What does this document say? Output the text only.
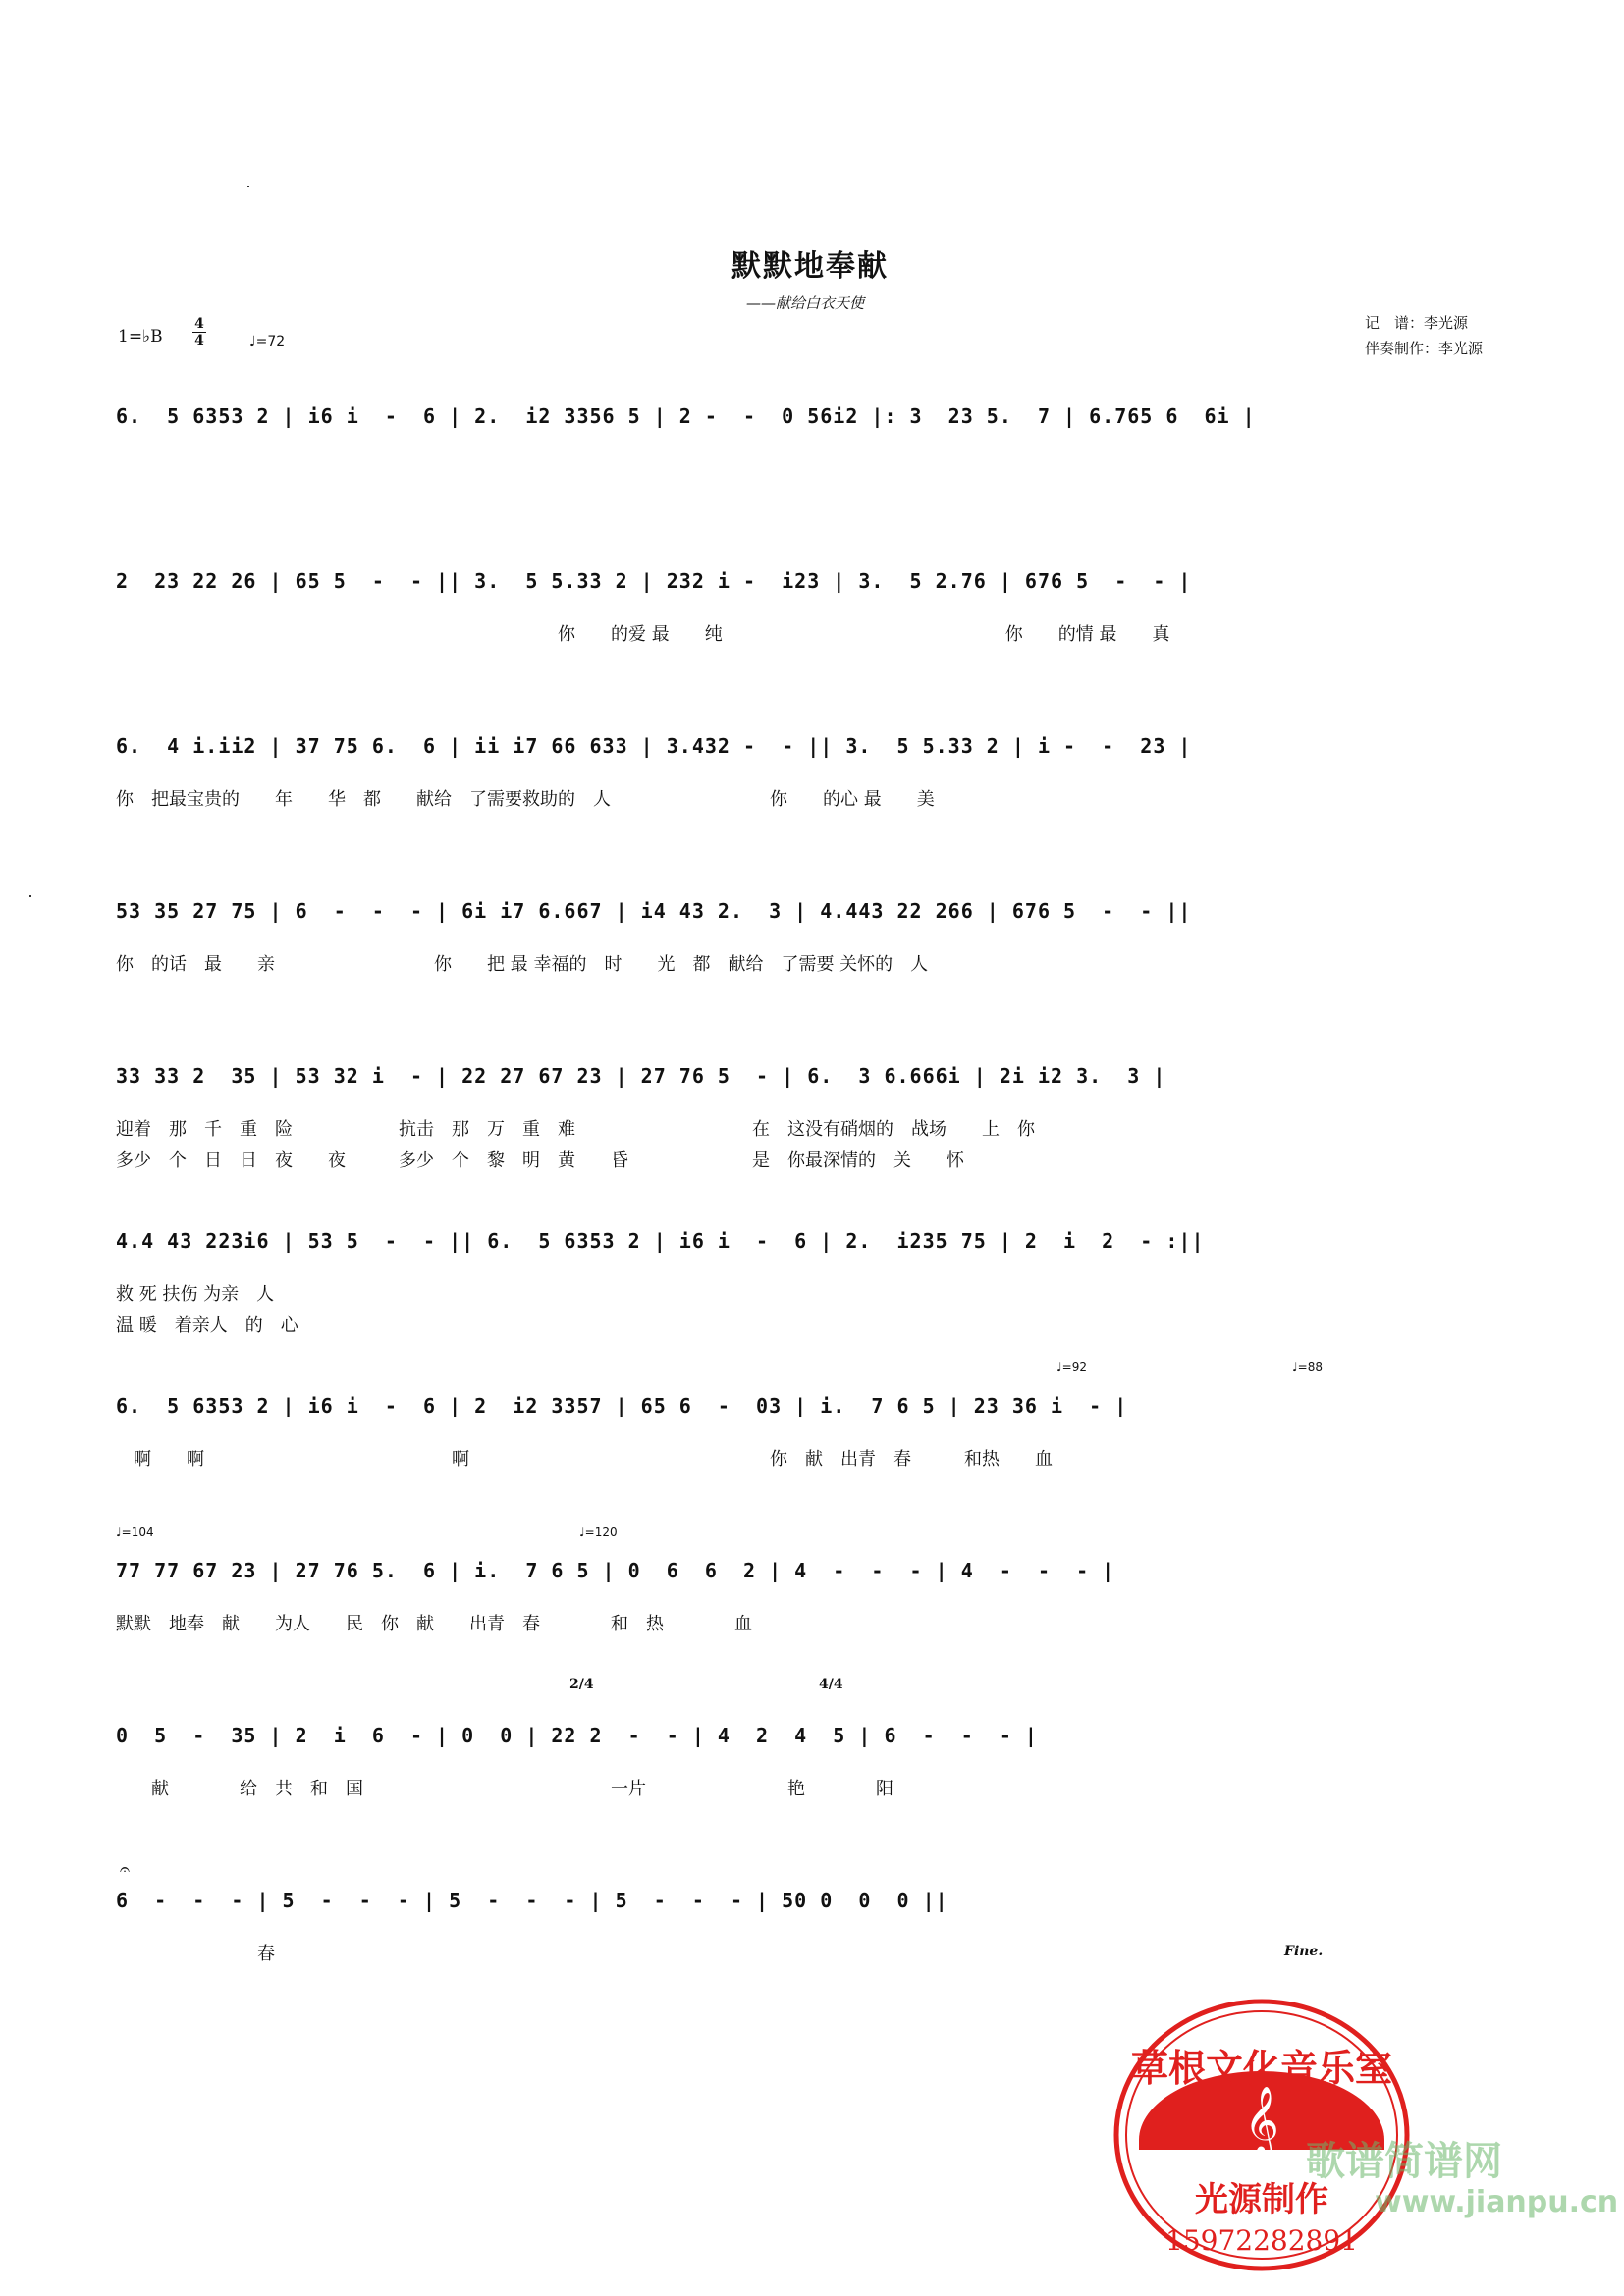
默默地奉献
——献给白衣天使
1=♭B
4
4	♩=72
记　谱：李光源
伴奏制作：李光源
6.  5 6353 2 | i6 i  -  6 | 2.  i2 3356 5 | 2 -  -  0 56i2 |: 3  23 5.  7 | 6.765 6  6i |
2  23 22 26 | 65 5  -  - || 3.  5 5.33 2 | 232 i -  i23 | 3.  5 2.76 | 676 5  -  - |
　　　　　　　　　　　　　　　　　　　　　　　　　你　　的爱 最　　纯　　　　　　　　　　　　　　　　你　　的情 最　　真
6.  4 i.ii2 | 37 75 6.  6 | ii i7 66 633 | 3.432 -  - || 3.  5 5.33 2 | i -  -  23 |
你　把最宝贵的　　年　　华　都　　献给　了需要救助的　人　　　　　　　　　你　　的心 最　　美
53 35 27 75 | 6  -  -  - | 6i i7 6.667 | i4 43 2.  3 | 4.443 22 266 | 676 5  -  - ||
你　的话　最　　亲　　　　　　　　　你　　把 最 幸福的　时　　光　都　献给　了需要 关怀的　人
33 33 2  35 | 53 32 i  - | 22 27 67 23 | 27 76 5  - | 6.  3 6.666i | 2i i2 3.  3 |
迎着　那　千　重　险　　　　　　抗击　那　万　重　难　　　　　　　　　　在　这没有硝烟的　战场　　上　你
多少　个　日　日　夜　　夜　　　多少　个　黎　明　黄　　昏　　　　　　　是　你最深情的　关　　怀
4.4 43 223i6 | 53 5  -  - || 6.  5 6353 2 | i6 i  -  6 | 2.  i235 75 | 2  i  2  - :||
救 死 扶伤 为亲　人
温 暖　着亲人　的　心
♩=92	♩=88
6.  5 6353 2 | i6 i  -  6 | 2  i2 3357 | 65 6  -  03 | i.  7 6 5 | 23 36 i  - |
　啊　　啊　　　　　　　　　　　　　　啊　　　　　　　　　　　　　　　　　你　献　出青　春　　　和热　　血
♩=104	♩=120
77 77 67 23 | 27 76 5.  6 | i.  7 6 5 | 0  6  6  2 | 4  -  -  - | 4  -  -  - |
默默　地奉　献　　为人　　民　你　献　　出青　春　　　　和　热　　　　血
2/4	4/4
0  5  -  35 | 2  i  6  - | 0  0 | 22 2  -  - | 4  2  4  5 | 6  -  -  - |
　　献　　　　给　共　和　国　　　　　　　　　　　　　　一片　　　　　　　　艳　　　　阳
𝄐
6  -  -  - | 5  -  -  - | 5  -  -  - | 5  -  -  - | 50 0  0  0 ||
　　　　　　　　春	Fine.
草根文化音乐室
𝄞
光源制作
15972282891
歌谱简谱网
www.jianpu.cn
